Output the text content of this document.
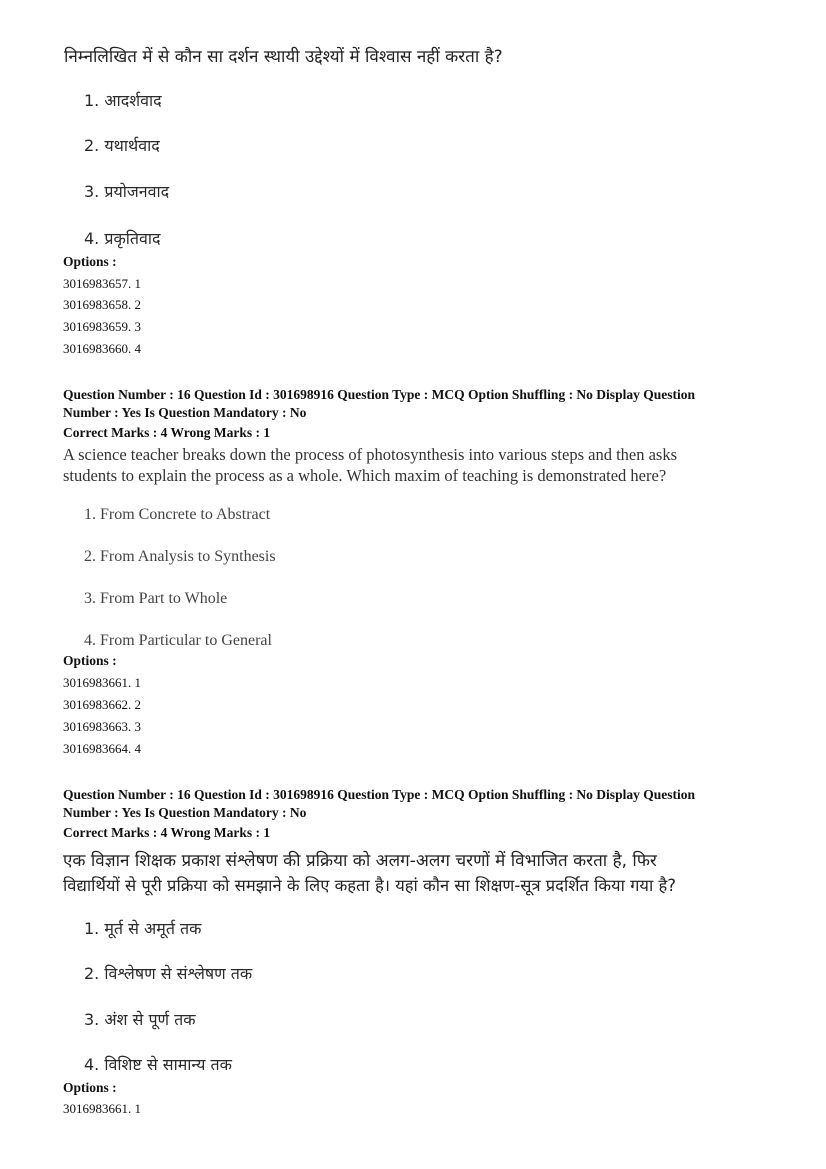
निम्नलिखित में से कौन सा दर्शन स्थायी उद्देश्यों में विश्वास नहीं करता है?
1. आदर्शवाद
2. यथार्थवाद
3. प्रयोजनवाद
4. प्रकृतिवाद
Options :
3016983657. 1
3016983658. 2
3016983659. 3
3016983660. 4
Question Number : 16 Question Id : 301698916 Question Type : MCQ Option Shuffling : No Display Question
Number : Yes Is Question Mandatory : No
Correct Marks : 4 Wrong Marks : 1
A science teacher breaks down the process of photosynthesis into various steps and then asks
students to explain the process as a whole. Which maxim of teaching is demonstrated here?
1. From Concrete to Abstract
2. From Analysis to Synthesis
3. From Part to Whole
4. From Particular to General
Options :
3016983661. 1
3016983662. 2
3016983663. 3
3016983664. 4
Question Number : 16 Question Id : 301698916 Question Type : MCQ Option Shuffling : No Display Question
Number : Yes Is Question Mandatory : No
Correct Marks : 4 Wrong Marks : 1
एक विज्ञान शिक्षक प्रकाश संश्लेषण की प्रक्रिया को अलग-अलग चरणों में विभाजित करता है, फिर
विद्यार्थियों से पूरी प्रक्रिया को समझाने के लिए कहता है। यहां कौन सा शिक्षण-सूत्र प्रदर्शित किया गया है?
1. मूर्त से अमूर्त तक
2. विश्लेषण से संश्लेषण तक
3. अंश से पूर्ण तक
4. विशिष्ट से सामान्य तक
Options :
3016983661. 1
